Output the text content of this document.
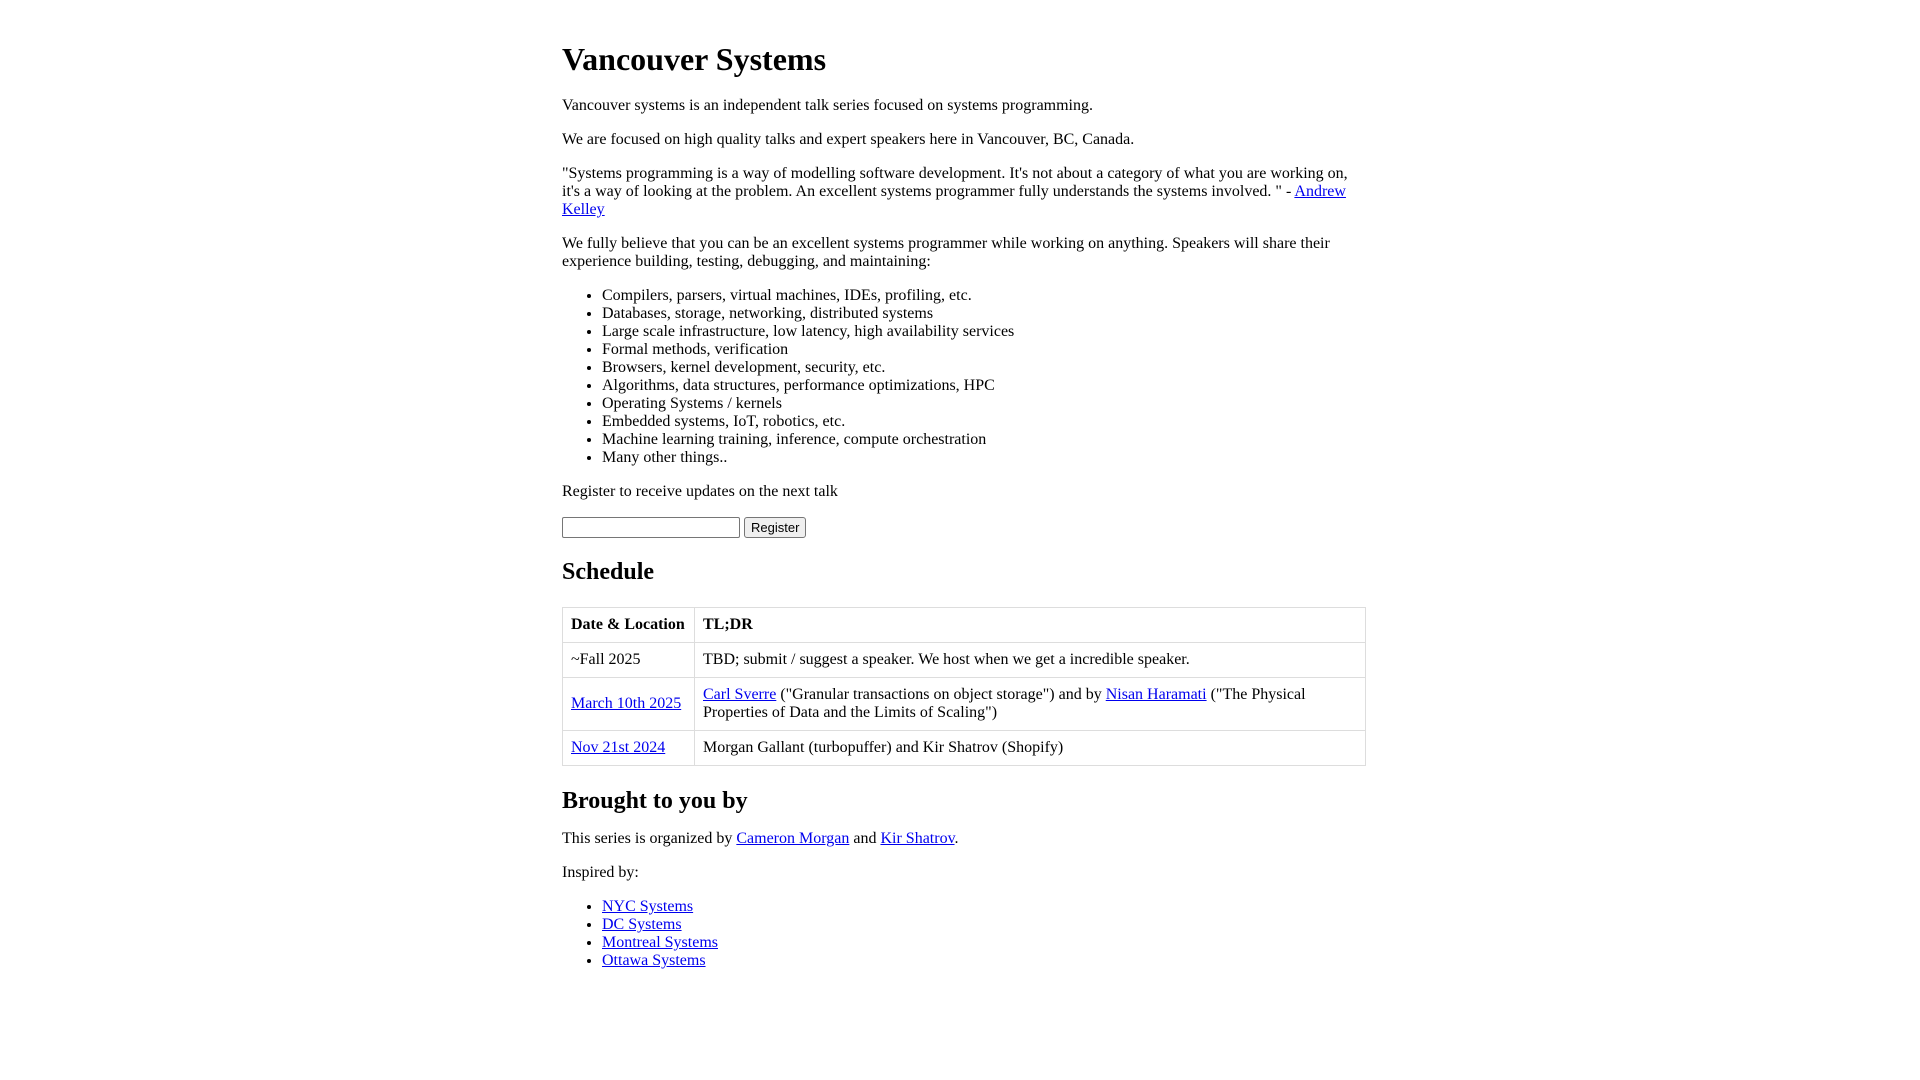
Vancouver Systems

Vancouver systems is an independent talk series focused on systems programming.

We are focused on high quality talks and expert speakers here in Vancouver, BC, Canada.

"Systems programming is a way of modelling software development. It's not about a category of what you are working on, it's a way of looking at the problem. An excellent systems programmer fully understands the systems involved. " - Andrew Kelley

We fully believe that you can be an excellent systems programmer while working on anything. Speakers will share their experience building, testing, debugging, and maintaining:

• Compilers, parsers, virtual machines, IDEs, profiling, etc.
• Databases, storage, networking, distributed systems
• Large scale infrastructure, low latency, high availability services
• Formal methods, verification
• Browsers, kernel development, security, etc.
• Algorithms, data structures, performance optimizations, HPC
• Operating Systems / kernels
• Embedded systems, IoT, robotics, etc.
• Machine learning training, inference, compute orchestration
• Many other things..

Register to receive updates on the next talk

Register
Schedule
Date & Location	TL;DR
~Fall 2025	TBD; submit / suggest a speaker. We host when we get a incredible speaker.
March 10th 2025	Carl Sverre ("Granular transactions on object storage") and by Nisan Haramati ("The Physical Properties of Data and the Limits of Scaling")
Nov 21st 2024	Morgan Gallant (turbopuffer) and Kir Shatrov (Shopify)
Brought to you by

This series is organized by Cameron Morgan and Kir Shatrov.

Inspired by:

• NYC Systems
• DC Systems
• Montreal Systems
• Ottawa Systems
